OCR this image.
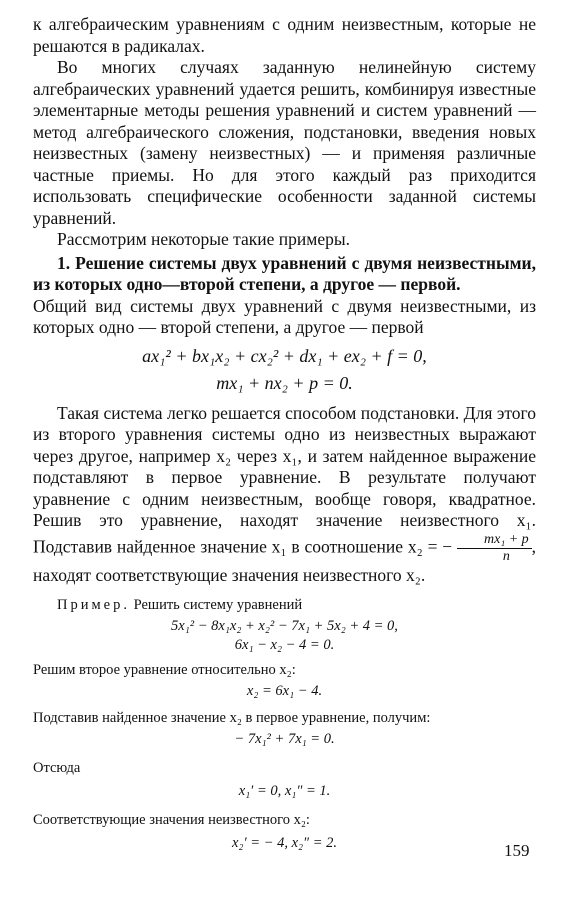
к алгебраическим уравнениям с одним неизвестным, которые не решаются в радикалах.

Во многих случаях заданную нелинейную систему алгебраических уравнений удается решить, комбинируя известные элементарные методы решения уравнений и систем уравнений — метод алгебраического сложения, подстановки, введения новых неизвестных (замену неизвестных) — и применяя различные частные приемы. Но для этого каждый раз приходится использовать специфические особенности заданной системы уравнений.

Рассмотрим некоторые такие примеры.

1. Решение системы двух уравнений с двумя неизвестными, из которых одно—второй степени, а другое — первой.

Общий вид системы двух уравнений с двумя неизвестными, из которых одно — второй степени, а другое — первой

ax₁² + bx₁x₂ + cx₂² + dx₁ + ex₂ + f = 0,
mx₁ + nx₂ + p = 0.

Такая система легко решается способом подстановки. Для этого из второго уравнения системы одно из неизвестных выражают через другое, например x₂ через x₁, и затем найденное выражение подставляют в первое уравнение. В результате получают уравнение с одним неизвестным, вообще говоря, квадратное. Решив это уравнение, находят значение неизвестного x₁. Подставив найденное значение x₁ в соотношение x₂ = − $\frac{\text{mx₁ + p}}{n}$ , находят соответствующие значения неизвестного x₂.

Пример. Решить систему уравнений

5x₁² − 8x₁x₂ + x₂² − 7x₁ + 5x₂ + 4 = 0,
6x₁ − x₂ − 4 = 0.

Решим второе уравнение относительно x₂:

x₂ = 6x₁ − 4.

Подставив найденное значение x₂ в первое уравнение, получим:

− 7x₁² + 7x₁ = 0.

Отсюда

x₁′ = 0, x₁″ = 1.

Соответствующие значения неизвестного x₂:

x₂′ = − 4, x₂″ = 2.	159
